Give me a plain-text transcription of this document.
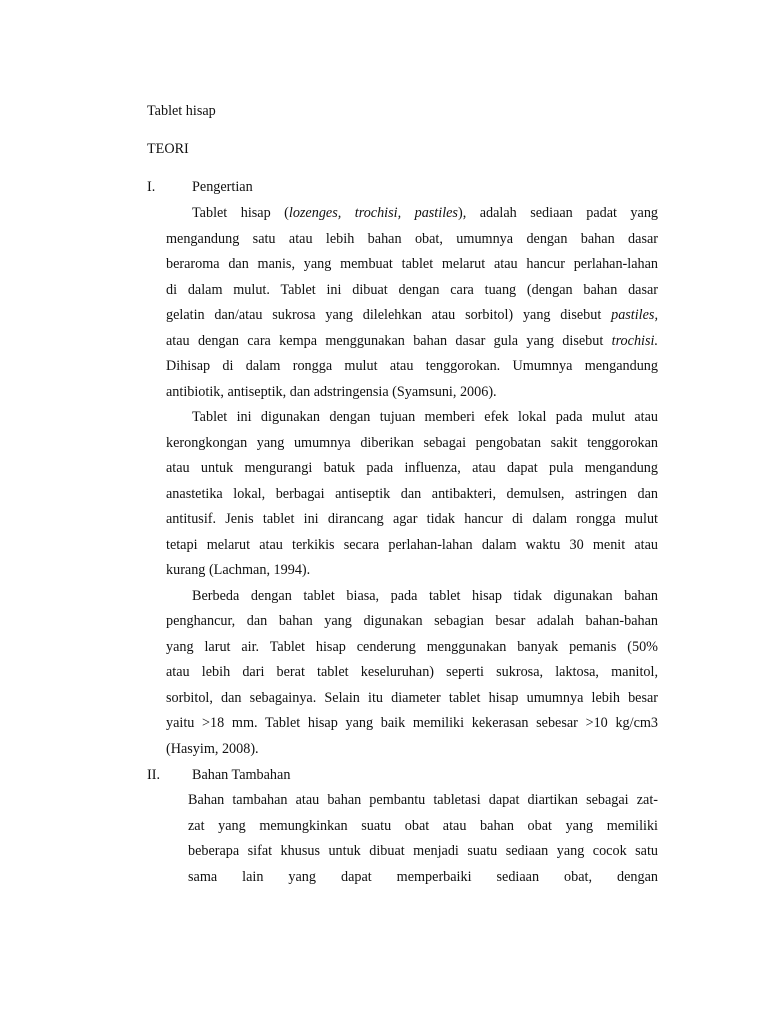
Tablet hisap
TEORI
I.	Pengertian
Tablet hisap (lozenges, trochisi, pastiles), adalah sediaan padat yang
mengandung satu atau lebih bahan obat, umumnya dengan bahan dasar
beraroma dan manis, yang membuat tablet melarut atau hancur perlahan-lahan
di dalam mulut. Tablet ini dibuat dengan cara tuang (dengan bahan dasar
gelatin dan/atau sukrosa yang dilelehkan atau sorbitol) yang disebut pastiles,
atau dengan cara kempa menggunakan bahan dasar gula yang disebut trochisi.
Dihisap di dalam rongga mulut atau tenggorokan. Umumnya mengandung
antibiotik, antiseptik, dan adstringensia (Syamsuni, 2006).
Tablet ini digunakan dengan tujuan memberi efek lokal pada mulut atau
kerongkongan yang umumnya diberikan sebagai pengobatan sakit tenggorokan
atau untuk mengurangi batuk pada influenza, atau dapat pula mengandung
anastetika lokal, berbagai antiseptik dan antibakteri, demulsen, astringen dan
antitusif. Jenis tablet ini dirancang agar tidak hancur di dalam rongga mulut
tetapi melarut atau terkikis secara perlahan-lahan dalam waktu 30 menit atau
kurang (Lachman, 1994).
Berbeda dengan tablet biasa, pada tablet hisap tidak digunakan bahan
penghancur, dan bahan yang digunakan sebagian besar adalah bahan-bahan
yang larut air. Tablet hisap cenderung menggunakan banyak pemanis (50%
atau lebih dari berat tablet keseluruhan) seperti sukrosa, laktosa, manitol,
sorbitol, dan sebagainya. Selain itu diameter tablet hisap umumnya lebih besar
yaitu >18 mm. Tablet hisap yang baik memiliki kekerasan sebesar >10 kg/cm3
(Hasyim, 2008).
II. Bahan Tambahan
Bahan tambahan atau bahan pembantu tabletasi dapat diartikan sebagai zat-
zat yang memungkinkan suatu obat atau bahan obat yang memiliki
beberapa sifat khusus untuk dibuat menjadi suatu sediaan yang cocok satu
sama lain yang dapat memperbaiki sediaan obat, dengan
